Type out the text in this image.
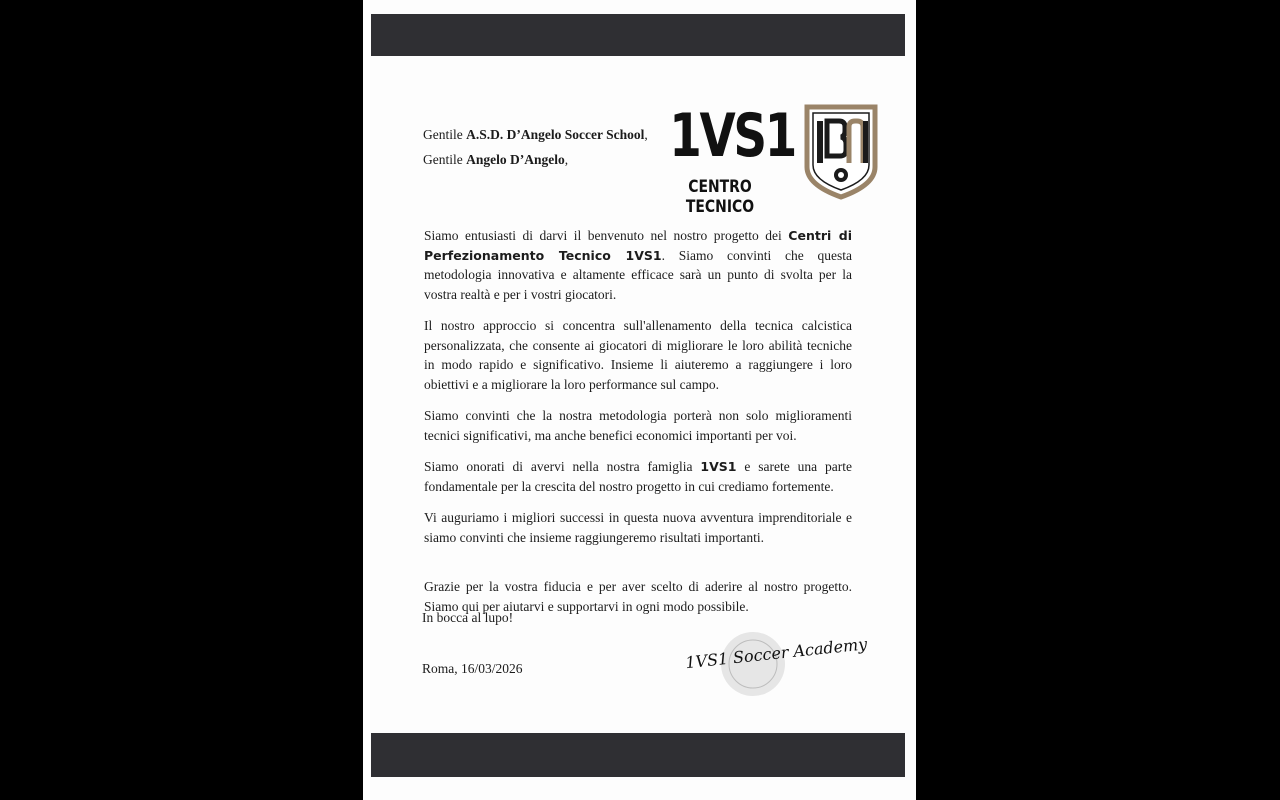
Gentile A.S.D. D’Angelo Soccer School,
Gentile Angelo D’Angelo, 1VS1
CENTRO TECNICO

Siamo entusiasti di darvi il benvenuto nel nostro progetto dei Centri di Perfezionamento Tecnico 1VS1. Siamo convinti che questa metodologia innovativa e altamente efficace sarà un punto di svolta per la vostra realtà e per i vostri giocatori.

Il nostro approccio si concentra sull'allenamento della tecnica calcistica personalizzata, che consente ai giocatori di migliorare le loro abilità tecniche in modo rapido e significativo. Insieme li aiuteremo a raggiungere i loro obiettivi e a migliorare la loro performance sul campo.

Siamo convinti che la nostra metodologia porterà non solo miglioramenti tecnici significativi, ma anche benefici economici importanti per voi.

Siamo onorati di avervi nella nostra famiglia 1VS1 e sarete una parte fondamentale per la crescita del nostro progetto in cui crediamo fortemente.

Vi auguriamo i migliori successi in questa nuova avventura imprenditoriale e siamo convinti che insieme raggiungeremo risultati importanti.

Grazie per la vostra fiducia e per aver scelto di aderire al nostro progetto. Siamo qui per aiutarvi e supportarvi in ogni modo possibile.

In bocca al lupo!
Roma, 16/03/2026	1VS1 Soccer Academy
